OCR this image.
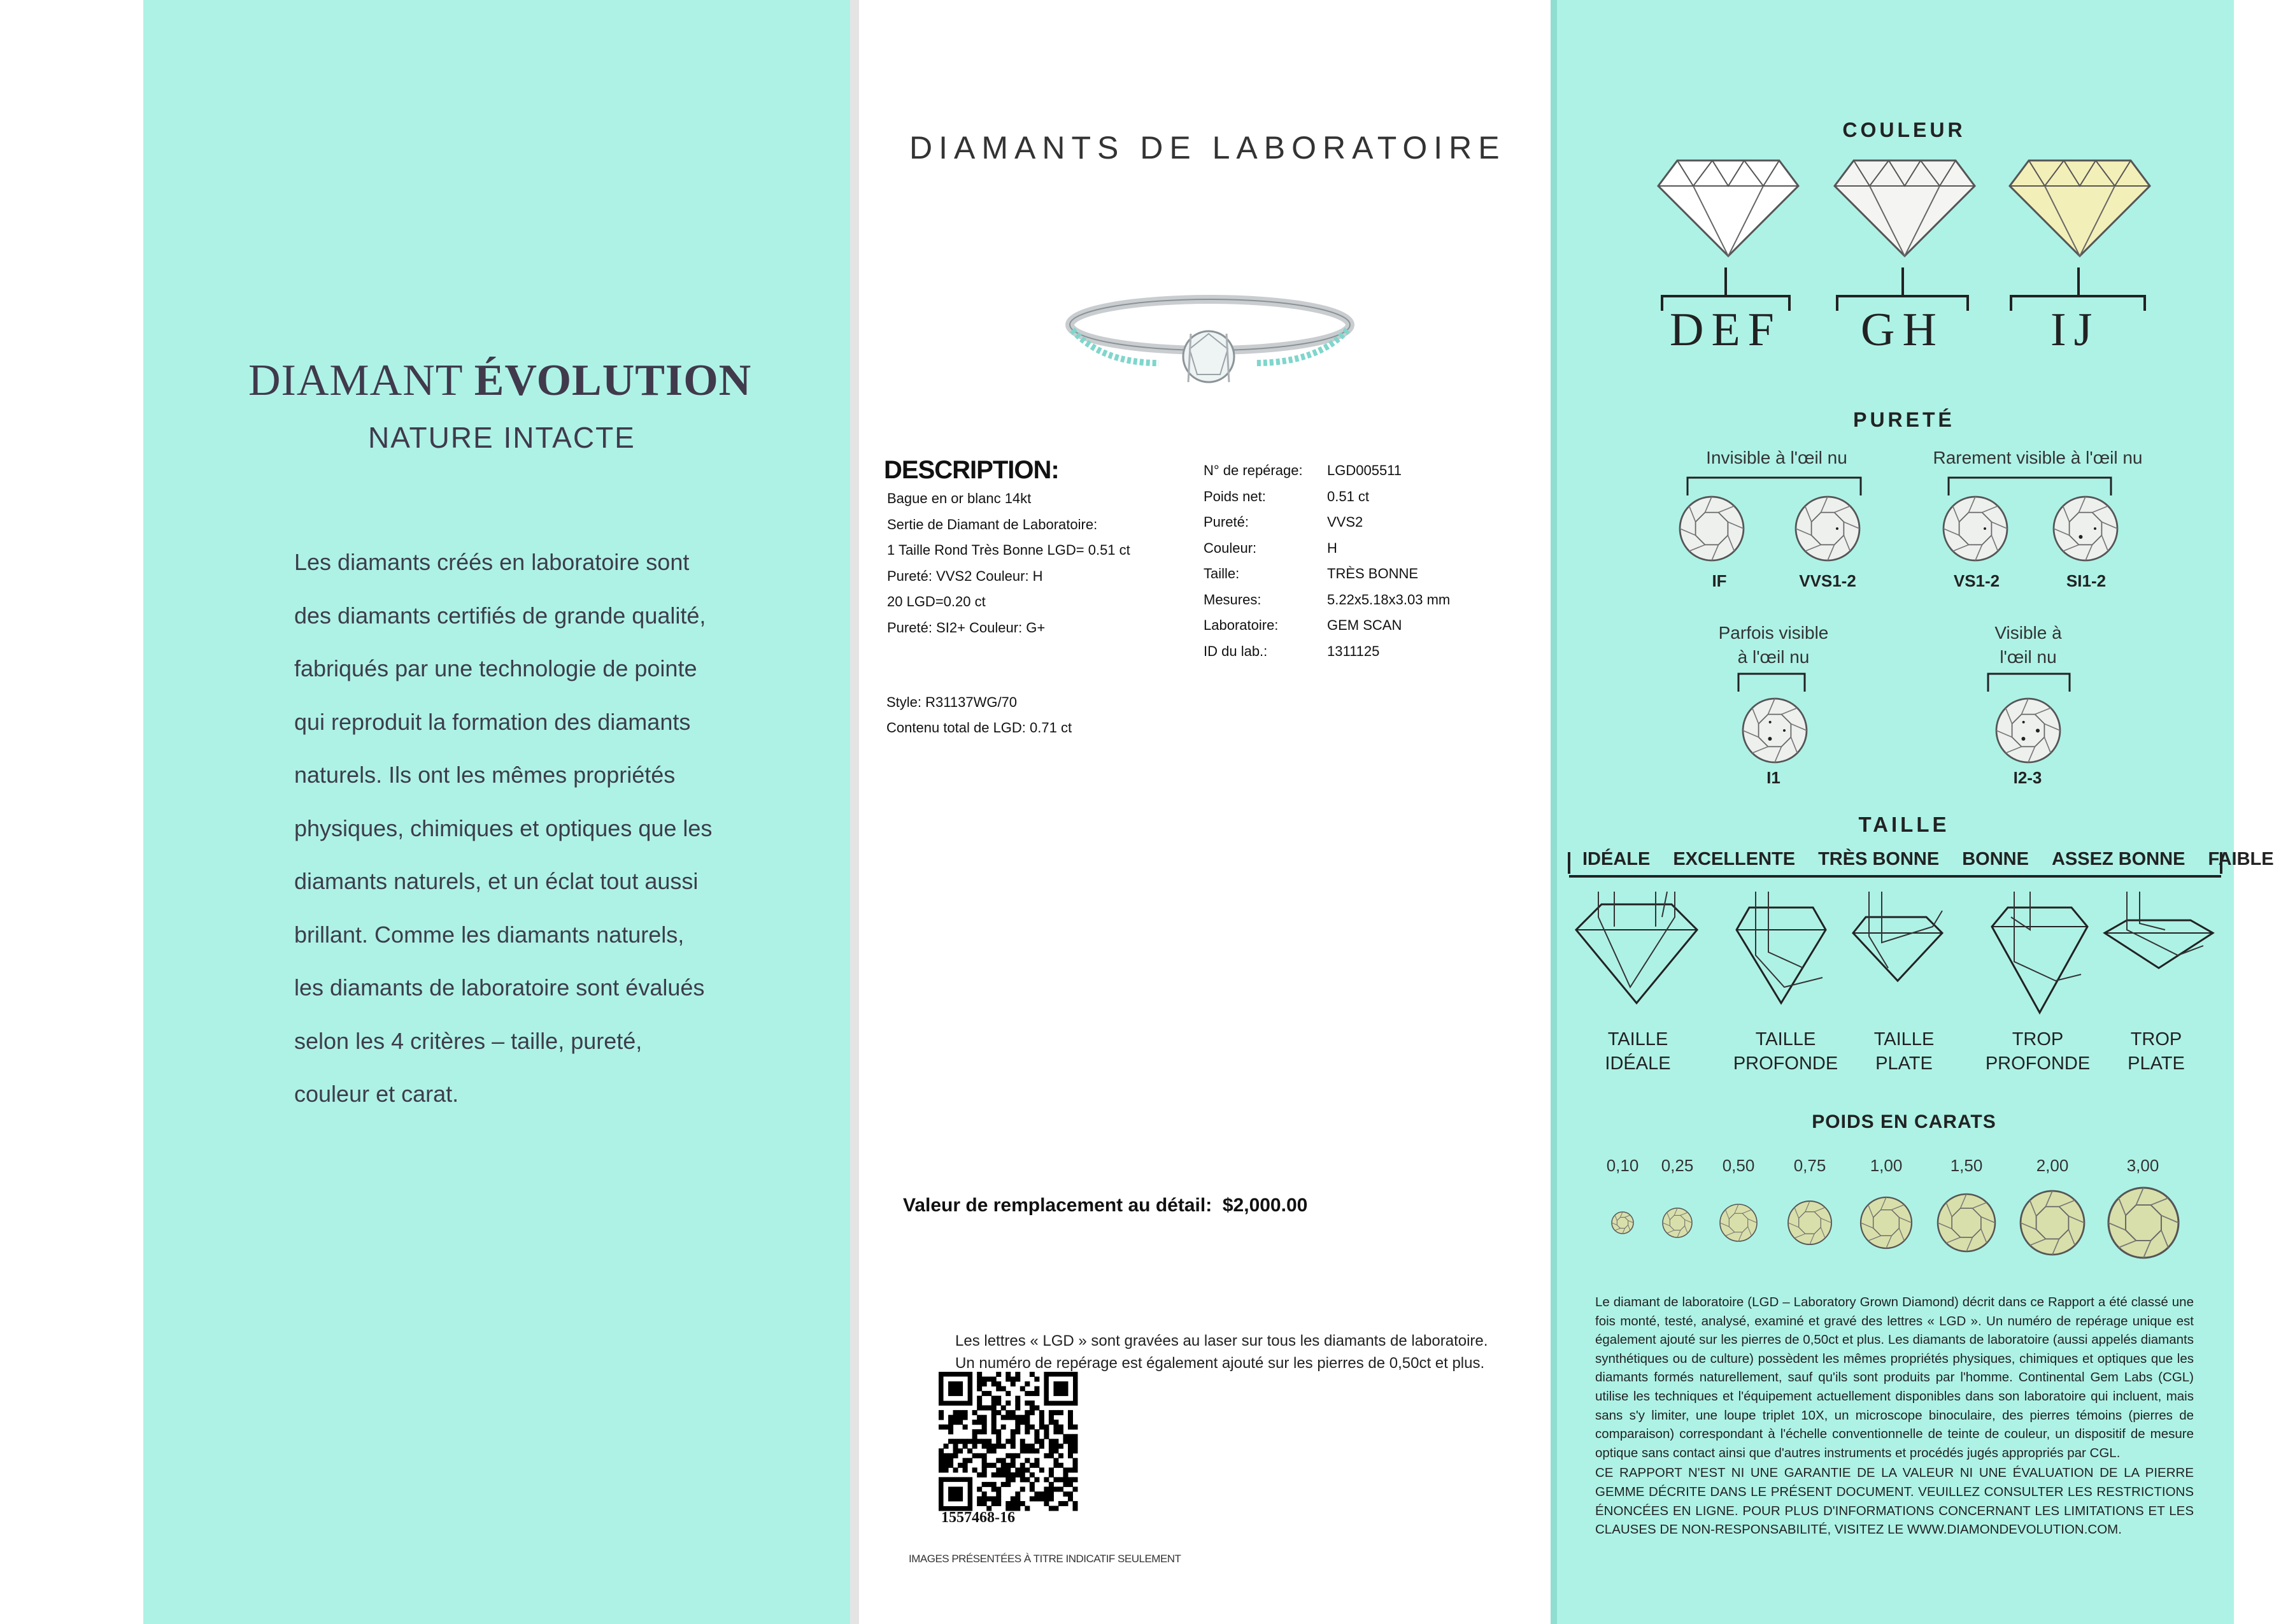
DIAMANT ÉVOLUTION
NATURE INTACTE
Les diamants créés en laboratoire sont
des diamants certifiés de grande qualité,
fabriqués par une technologie de pointe
qui reproduit la formation des diamants
naturels. Ils ont les mêmes propriétés
physiques, chimiques et optiques que les
diamants naturels, et un éclat tout aussi
brillant. Comme les diamants naturels,
les diamants de laboratoire sont évalués
selon les 4 critères – taille, pureté,
couleur et carat.
DIAMANTS DE LABORATOIRE
DESCRIPTION:
Bague en or blanc 14kt
Sertie de Diamant de Laboratoire:
1 Taille Rond Très Bonne LGD= 0.51 ct
Pureté: VVS2 Couleur: H
20 LGD=0.20 ct
Pureté: SI2+ Couleur: G+
N° de repérage: LGD005511
Poids net:	0.51 ct
Pureté:	VVS2
Couleur:	H
Taille:	TRÈS BONNE
Mesures:	5.22x5.18x3.03 mm
Laboratoire:	GEM SCAN
ID du lab.:	1311125
Style: R31137WG/70
Contenu total de LGD: 0.71 ct
Valeur de remplacement au détail: $2,000.00
Les lettres « LGD » sont gravées au laser sur tous les diamants de laboratoire.
Un numéro de repérage est également ajouté sur les pierres de 0,50ct et plus.
1557468-16
IMAGES PRÉSENTÉES À TITRE INDICATIF SEULEMENT
COULEUR
DEF GH IJ
PURETÉ
Invisible à l'œil nu	Rarement visible à l'œil nu
IF	VVS1-2	VS1-2	SI1-2
Parfois visible
à l'œil nu
Visible à
l'œil nu
I1	I2-3
TAILLE
IDÉALE EXCELLENTE TRÈS BONNE BONNE ASSEZ BONNE FAIBLE
TAILLE
IDÉALE
TAILLE
PROFONDE
TAILLE
PLATE
TROP
PROFONDE
TROP
PLATE
POIDS EN CARATS
0,10	0,25	0,50	0,75	1,00	1,50	2,00	3,00

Le diamant de laboratoire (LGD – Laboratory Grown Diamond) décrit dans ce Rapport a été classé une fois monté, testé, analysé, examiné et gravé des lettres « LGD ». Un numéro de repérage unique est également ajouté sur les pierres de 0,50ct et plus. Les diamants de laboratoire (aussi appelés diamants synthétiques ou de culture) possèdent les mêmes propriétés physiques, chimiques et optiques que les diamants formés naturellement, sauf qu'ils sont produits par l'homme. Continental Gem Labs (CGL) utilise les techniques et l'équipement actuellement disponibles dans son laboratoire qui incluent, mais sans s'y limiter, une loupe triplet 10X, un microscope binoculaire, des pierres témoins (pierres de comparaison) correspondant à l'échelle conventionnelle de teinte de couleur, un dispositif de mesure optique sans contact ainsi que d'autres instruments et procédés jugés appropriés par CGL.

CE RAPPORT N'EST NI UNE GARANTIE DE LA VALEUR NI UNE ÉVALUATION DE LA PIERRE GEMME DÉCRITE DANS LE PRÉSENT DOCUMENT. VEUILLEZ CONSULTER LES RESTRICTIONS ÉNONCÉES EN LIGNE. POUR PLUS D'INFORMATIONS CONCERNANT LES LIMITATIONS ET LES CLAUSES DE NON-RESPONSABILITÉ, VISITEZ LE WWW.DIAMONDEVOLUTION.COM.
